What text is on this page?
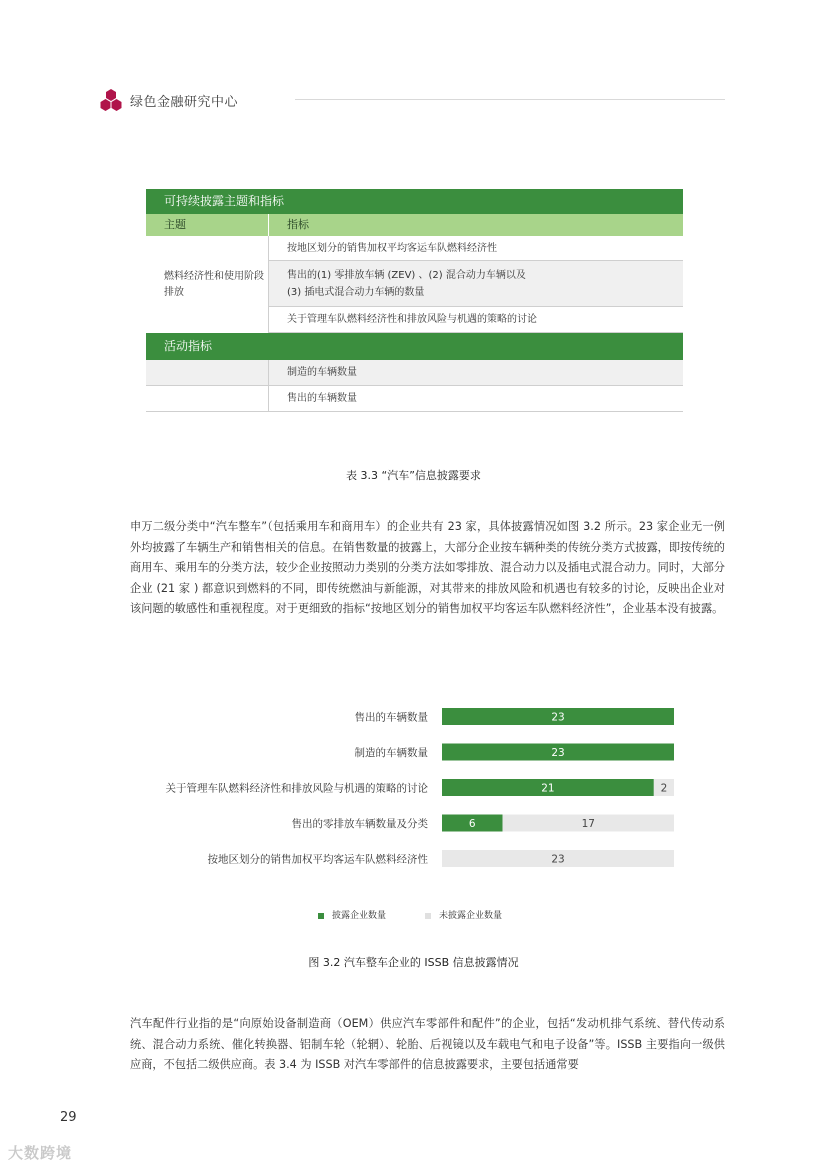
绿色金融研究中心
可持续披露主题和指标
主题	指标
燃料经济性和使用阶段排放
按地区划分的销售加权平均客运车队燃料经济性
售出的(1) 零排放车辆 (ZEV) 、(2) 混合动力车辆以及
(3) 插电式混合动力车辆的数量
关于管理车队燃料经济性和排放风险与机遇的策略的讨论
活动指标
制造的车辆数量
售出的车辆数量
表 3.3 “汽车”信息披露要求
申万二级分类中“汽车整车”（包括乘用车和商用车）的企业共有 23 家，具体披露情况如图 3.2 所示。23 家企业无一例外均披露了车辆生产和销售相关的信息。在销售数量的披露上，大部分企业按车辆种类的传统分类方式披露，即按传统的商用车、乘用车的分类方法，较少企业按照动力类别的分类方法如零排放、混合动力以及插电式混合动力。同时，大部分企业 (21 家 ) 都意识到燃料的不同，即传统燃油与新能源，对其带来的排放风险和机遇也有较多的讨论，反映出企业对该问题的敏感性和重视程度。对于更细致的指标“按地区划分的销售加权平均客运车队燃料经济性”，企业基本没有披露。
售出的车辆数量	23
制造的车辆数量	23
关于管理车队燃料经济性和排放风险与机遇的策略的讨论	21	2
售出的零排放车辆数量及分类	6	17
按地区划分的销售加权平均客运车队燃料经济性	23
披露企业数量	未披露企业数量
图 3.2 汽车整车企业的 ISSB 信息披露情况
汽车配件行业指的是“向原始设备制造商（OEM）供应汽车零部件和配件”的企业，包括“发动机排气系统、替代传动系统、混合动力系统、催化转换器、铝制车轮（轮辋）、轮胎、后视镜以及车载电气和电子设备”等。ISSB 主要指向一级供应商，不包括二级供应商。表 3.4 为 ISSB 对汽车零部件的信息披露要求，主要包括通常要
29
大数跨境
